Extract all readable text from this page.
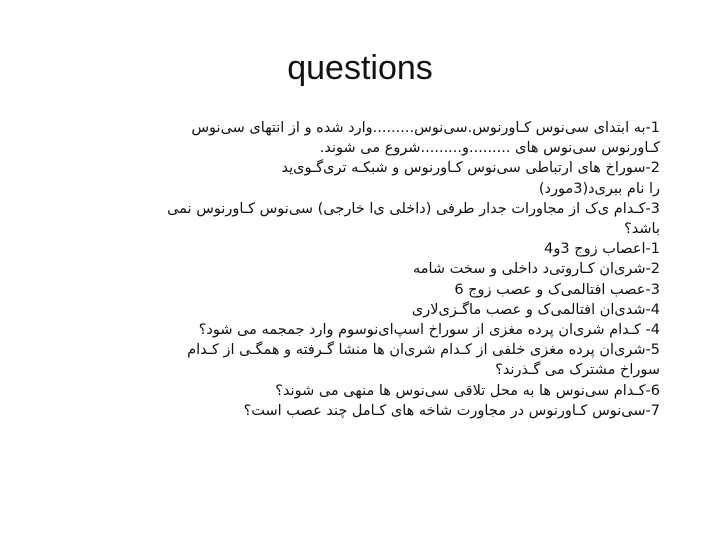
questions
1-به ابتدای سی‌نوس کـاورنوس.سی‌نوس.........وارد شده و از انتهای سی‌نوس
کـاورنوس سی‌نوس های .........و.........شروع می شوند.
2-سوراخ های ارتباطی سی‌نوس کـاورنوس و شبکـه تری‌گـوی‌ید
را نام ببری‌د(3مورد)
3-کـدام ی‌ک از مجاورات جدار طرفی (داخلی ی‌ا خارجی) سی‌نوس کـاورنوس نمی
باشد؟
1-اعصاب زوج 3و4
2-شری‌ان کـاروتی‌د داخلی و سخت شامه
3-عصب افتالمی‌ک و عصب زوج 6
4-شدی‌ان افتالمی‌ک و عصب ماگـزی‌لاری
4- کـدام شری‌ان پرده مغزی از سوراخ اسپ‌ای‌نوسوم وارد جمجمه می شود؟
5-شری‌ان پرده مغزی خلفی از کـدام شری‌ان ها منشا گـرفته و همگـی از کـدام
سوراخ مشترک می گـذرند؟
6-کـدام سی‌نوس ها به محل تلاقی سی‌نوس ها منهی می شوند؟
7-سی‌نوس کـاورنوس در مجاورت شاخه های کـامل چند عصب است؟
